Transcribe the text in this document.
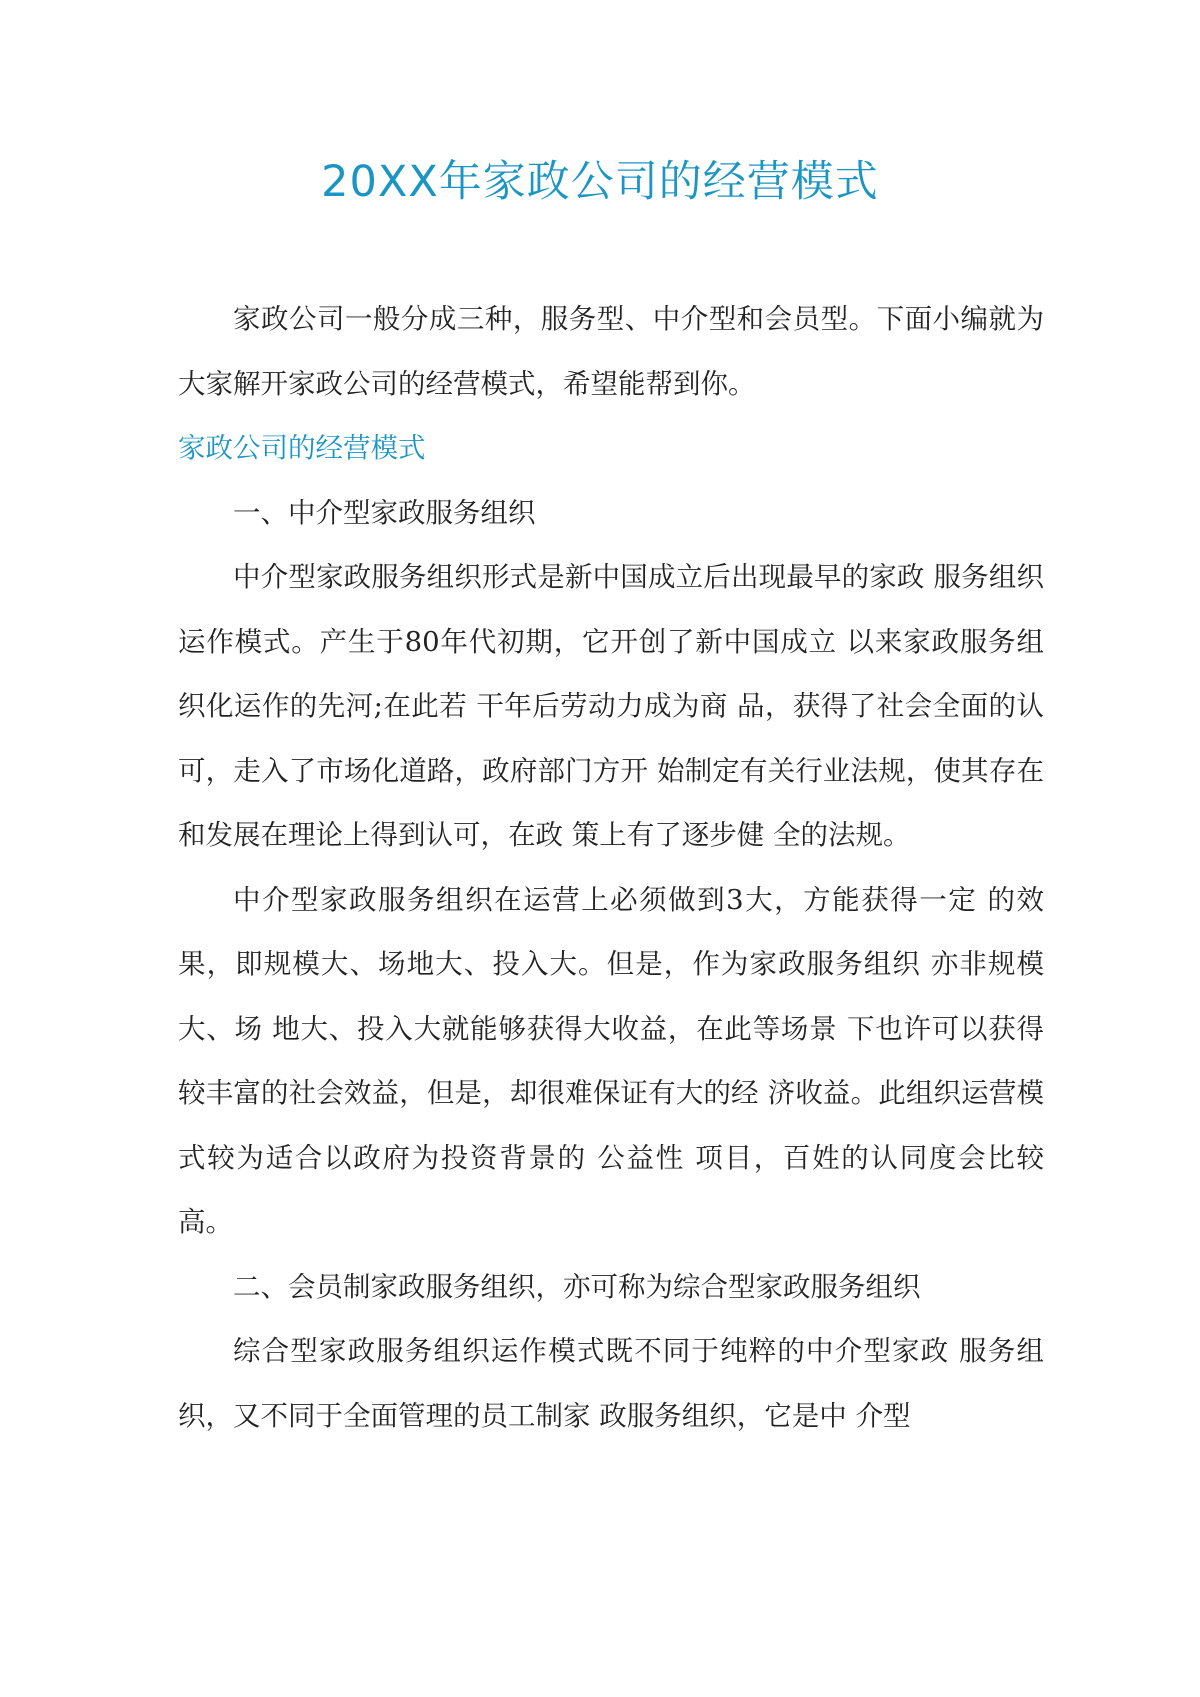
20XX年家政公司的经营模式

家政公司一般分成三种，服务型、中介型和会员型。下面小编就为大家解开家政公司的经营模式，希望能帮到你。

家政公司的经营模式

一、中介型家政服务组织

中介型家政服务组织形式是新中国成立后出现最早的家政 服务组织运作模式。产生于80年代初期，它开创了新中国成立 以来家政服务组织化运作的先河;在此若 干年后劳动力成为商 品，获得了社会全面的认可，走入了市场化道路，政府部门方开 始制定有关行业法规，使其存在和发展在理论上得到认可，在政 策上有了逐步健 全的法规。

中介型家政服务组织在运营上必须做到3大，方能获得一定 的效果，即规模大、场地大、投入大。但是，作为家政服务组织 亦非规模大、场 地大、投入大就能够获得大收益，在此等场景 下也许可以获得较丰富的社会效益，但是，却很难保证有大的经 济收益。此组织运营模式较为适合以政府为投资背景的 公益性 项目，百姓的认同度会比较高。

二、会员制家政服务组织，亦可称为综合型家政服务组织

综合型家政服务组织运作模式既不同于纯粹的中介型家政 服务组织，又不同于全面管理的员工制家 政服务组织，它是中 介型
